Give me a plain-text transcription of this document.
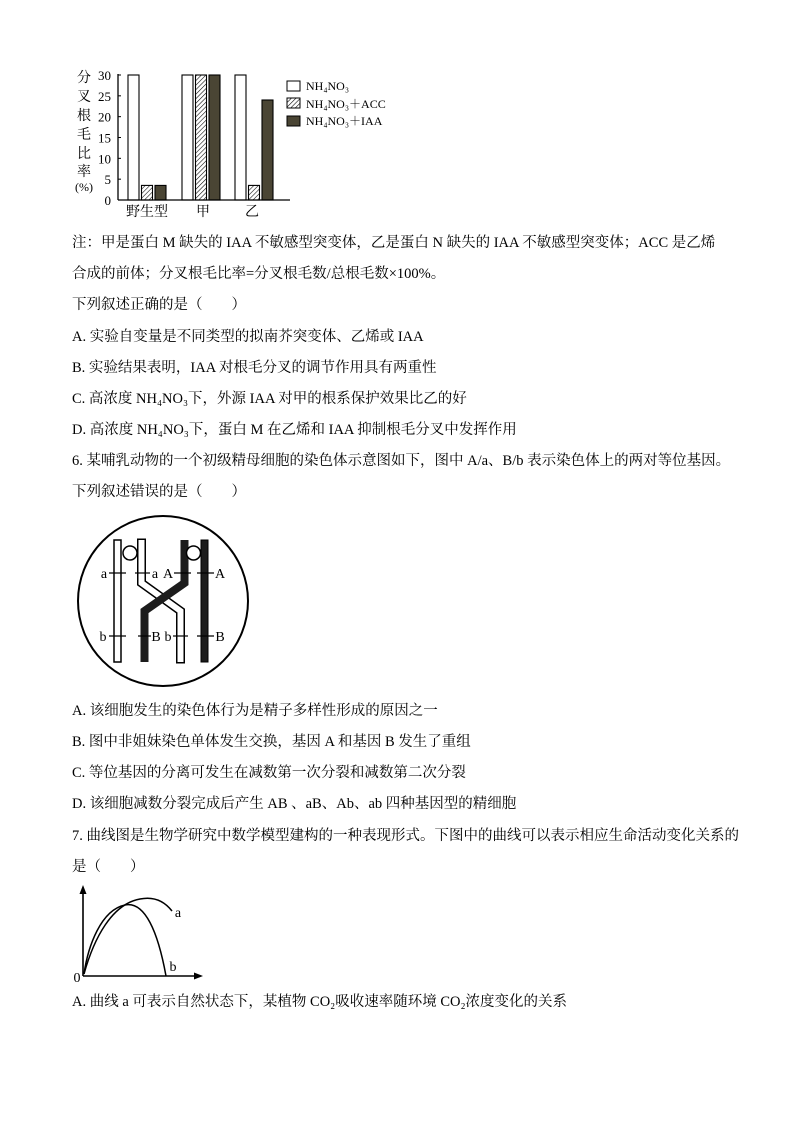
分
叉
根
毛
比
率
(%)
0
5
10
15
20
25
30
野生型 甲	乙
NH₄NO₃
NH₄NO₃＋ACC
NH₄NO₃＋IAA
注：甲是蛋白 M 缺失的 IAA 不敏感型突变体，乙是蛋白 N 缺失的 IAA 不敏感型突变体；ACC 是乙烯
合成的前体；分叉根毛比率=分叉根毛数/总根毛数×100%。
下列叙述正确的是（　　）
A. 实验自变量是不同类型的拟南芥突变体、乙烯或 IAA
B. 实验结果表明，IAA 对根毛分叉的调节作用具有两重性
C. 高浓度 NH₄NO₃下，外源 IAA 对甲的根系保护效果比乙的好
D. 高浓度 NH₄NO₃下，蛋白 M 在乙烯和 IAA 抑制根毛分叉中发挥作用
6. 某哺乳动物的一个初级精母细胞的染色体示意图如下，图中 A/a、B/b 表示染色体上的两对等位基因。
下列叙述错误的是（　　）
a	a A	A
b	B b	B
A. 该细胞发生的染色体行为是精子多样性形成的原因之一
B. 图中非姐妹染色单体发生交换，基因 A 和基因 B 发生了重组
C. 等位基因的分离可发生在减数第一次分裂和减数第二次分裂
D. 该细胞减数分裂完成后产生 AB 、aB、Ab、ab 四种基因型的精细胞
7. 曲线图是生物学研究中数学模型建构的一种表现形式。下图中的曲线可以表示相应生命活动变化关系的
是（　　）
0
a
b
A. 曲线 a 可表示自然状态下，某植物 CO₂吸收速率随环境 CO₂浓度变化的关系
